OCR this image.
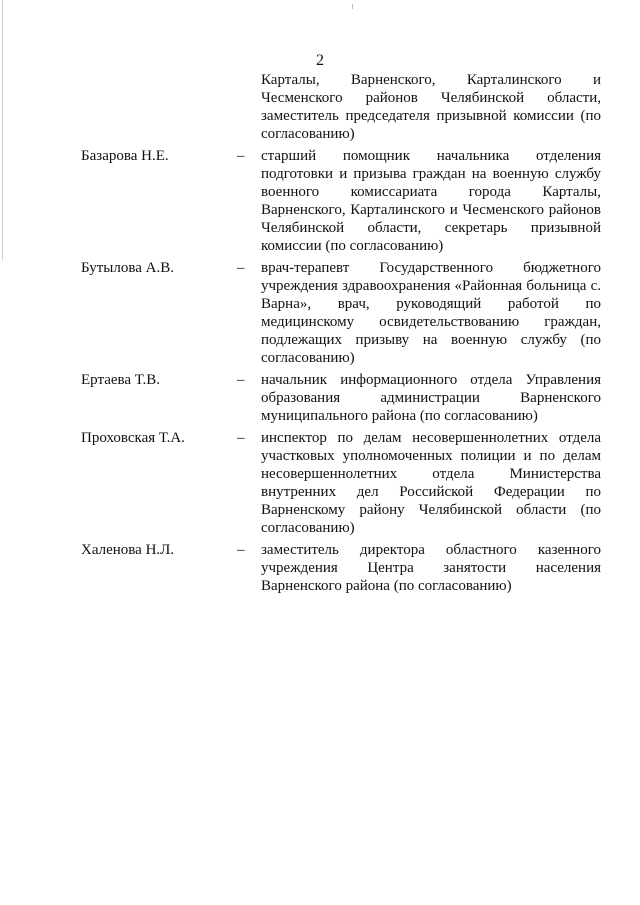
2
Карталы, Варненского, Карталинского и Чесменского районов Челябинской области, заместитель председателя призывной комиссии (по согласованию)
Базарова Н.Е.	–	старший помощник начальника отделения подготовки и призыва граждан на военную службу военного комиссариата города Карталы, Варненского, Карталинского и Чесменского районов Челябинской области, секретарь призывной комиссии (по согласованию)
Бутылова А.В.	–	врач-терапевт Государственного бюджетного учреждения здравоохранения «Районная больница с. Варна», врач, руководящий работой по медицинскому освидетельствованию граждан, подлежащих призыву на военную службу (по согласованию)
Ертаева Т.В.	–	начальник информационного отдела Управления образования администрации Варненского муниципального района (по согласованию)
Проховская Т.А.	–	инспектор по делам несовершеннолетних отдела участковых уполномоченных полиции и по делам несовершеннолетних отдела Министерства внутренних дел Российской Федерации по Варненскому району Челябинской области (по согласованию)
Халенова Н.Л.	–	заместитель директора областного казенного учреждения Центра занятости населения Варненского района (по согласованию)
